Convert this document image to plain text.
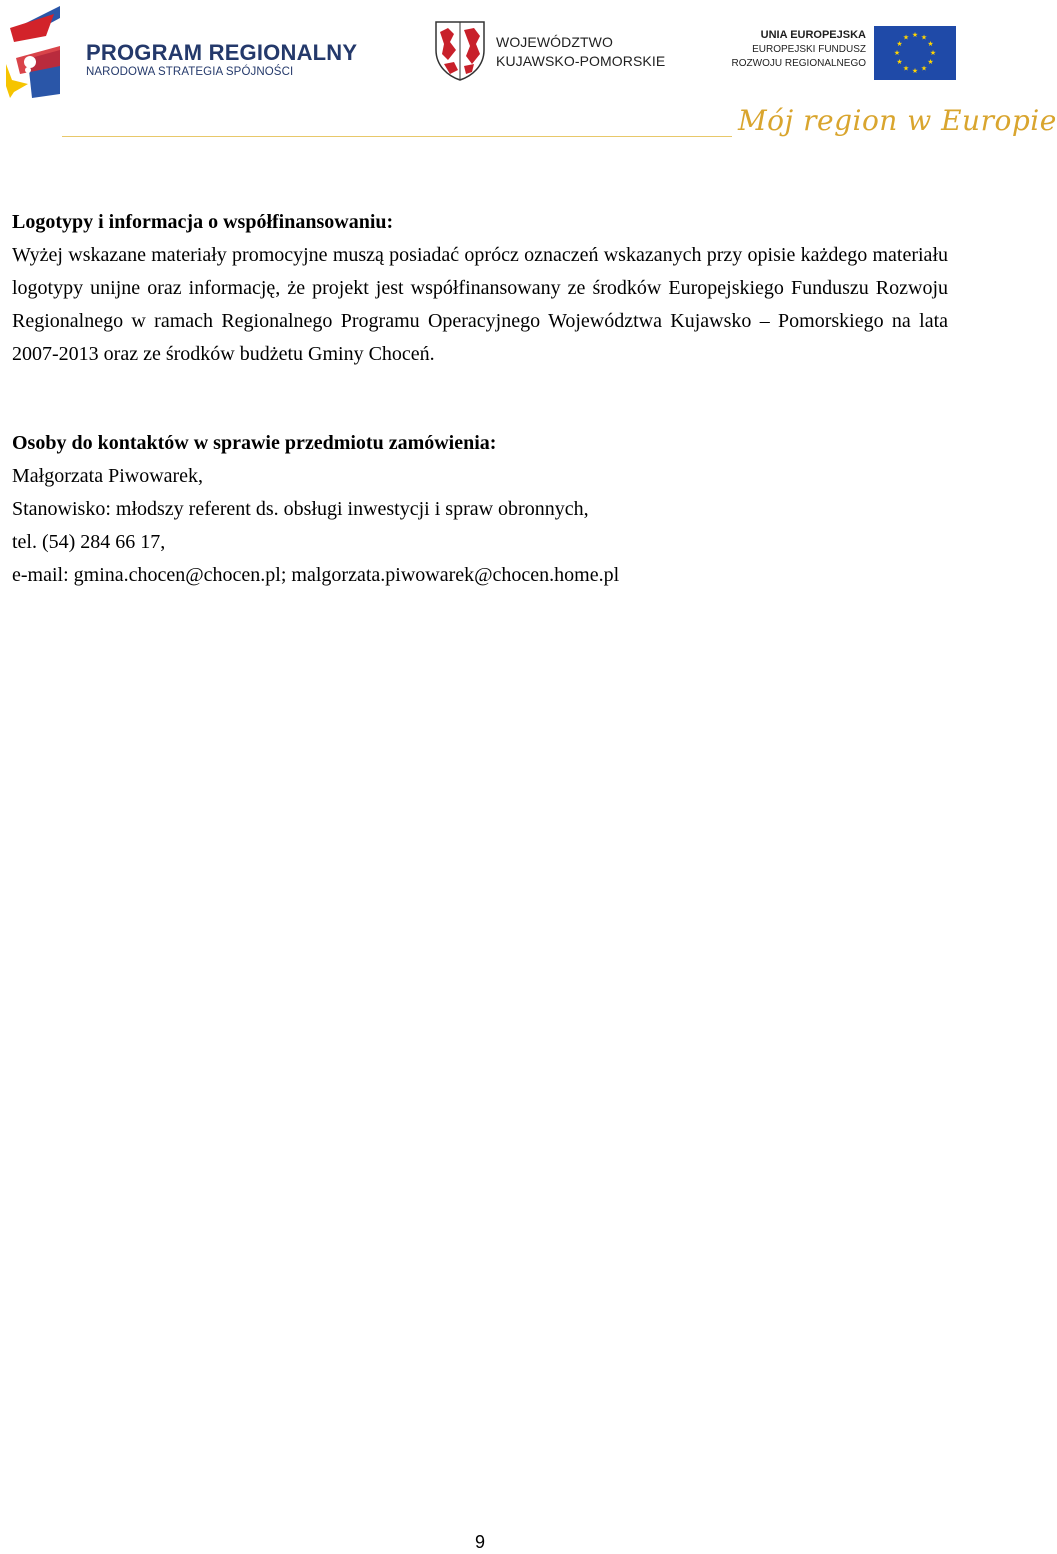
PROGRAM REGIONALNY
NARODOWA STRATEGIA SPÓJNOŚCI
WOJEWÓDZTWO
KUJAWSKO-POMORSKIE
UNIA EUROPEJSKA
EUROPEJSKI FUNDUSZ
ROZWOJU REGIONALNEGO
★ ★
★
★
★
★
★
★
★
★
★
★
Mój region w Europie

Logotypy i informacja o współfinansowaniu:

Wyżej wskazane materiały promocyjne muszą posiadać oprócz oznaczeń wskazanych przy opisie każdego materiału logotypy unijne oraz informację, że projekt jest współfinansowany ze środków Europejskiego Funduszu Rozwoju Regionalnego w ramach Regionalnego Programu Operacyjnego Województwa Kujawsko – Pomorskiego na lata 2007-2013 oraz ze środków budżetu Gminy Choceń.

Osoby do kontaktów w sprawie przedmiotu zamówienia:

Małgorzata Piwowarek,

Stanowisko: młodszy referent ds. obsługi inwestycji i spraw obronnych,

tel. (54) 284 66 17,

e-mail: gmina.chocen@chocen.pl; malgorzata.piwowarek@chocen.home.pl

9
